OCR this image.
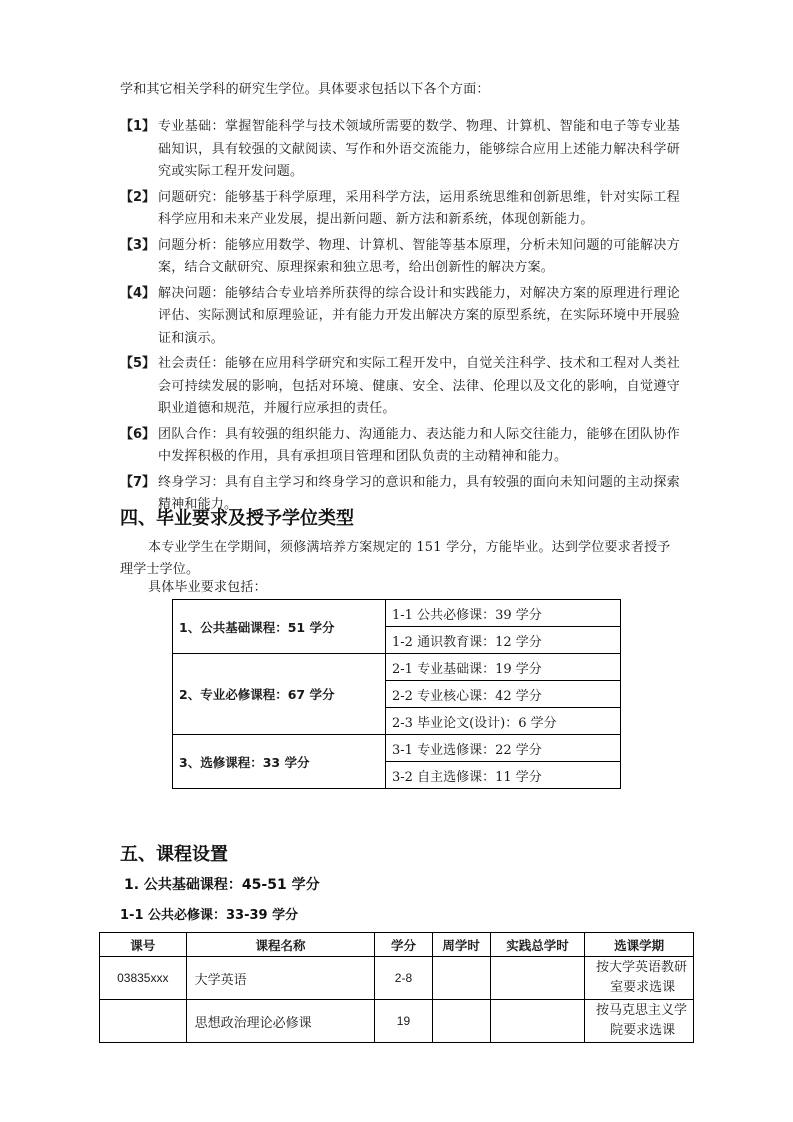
学和其它相关学科的研究生学位。具体要求包括以下各个方面：
【1】 专业基础：掌握智能科学与技术领域所需要的数学、物理、计算机、智能和电子等专业基础知识，具有较强的文献阅读、写作和外语交流能力，能够综合应用上述能力解决科学研究或实际工程开发问题。
【2】 问题研究：能够基于科学原理，采用科学方法，运用系统思维和创新思维，针对实际工程科学应用和未来产业发展，提出新问题、新方法和新系统，体现创新能力。
【3】 问题分析：能够应用数学、物理、计算机、智能等基本原理，分析未知问题的可能解决方案，结合文献研究、原理探索和独立思考，给出创新性的解决方案。
【4】 解决问题：能够结合专业培养所获得的综合设计和实践能力，对解决方案的原理进行理论评估、实际测试和原理验证，并有能力开发出解决方案的原型系统，在实际环境中开展验证和演示。
【5】 社会责任：能够在应用科学研究和实际工程开发中，自觉关注科学、技术和工程对人类社会可持续发展的影响，包括对环境、健康、安全、法律、伦理以及文化的影响，自觉遵守职业道德和规范，并履行应承担的责任。
【6】 团队合作：具有较强的组织能力、沟通能力、表达能力和人际交往能力，能够在团队协作中发挥积极的作用，具有承担项目管理和团队负责的主动精神和能力。
【7】 终身学习：具有自主学习和终身学习的意识和能力，具有较强的面向未知问题的主动探索精神和能力。
四、毕业要求及授予学位类型
本专业学生在学期间，须修满培养方案规定的 151 学分，方能毕业。达到学位要求者授予理学士学位。
具体毕业要求包括：
1、公共基础课程：51 学分	1-1 公共必修课：39 学分
	1-2 通识教育课：12 学分
2、专业必修课程：67 学分	2-1 专业基础课：19 学分
	2-2 专业核心课：42 学分
	2-3 毕业论文(设计)：6 学分
3、选修课程：33 学分	3-1 专业选修课：22 学分
	3-2 自主选修课：11 学分
五、课程设置
1. 公共基础课程：45-51 学分
1-1 公共必修课：33-39 学分
课号	课程名称	学分	周学时	实践总学时	选课学期
03835xxx	大学英语	2-8			按大学英语教研
室要求选课

	思想政治理论必修课	19			按马克思主义学
院要求选课
